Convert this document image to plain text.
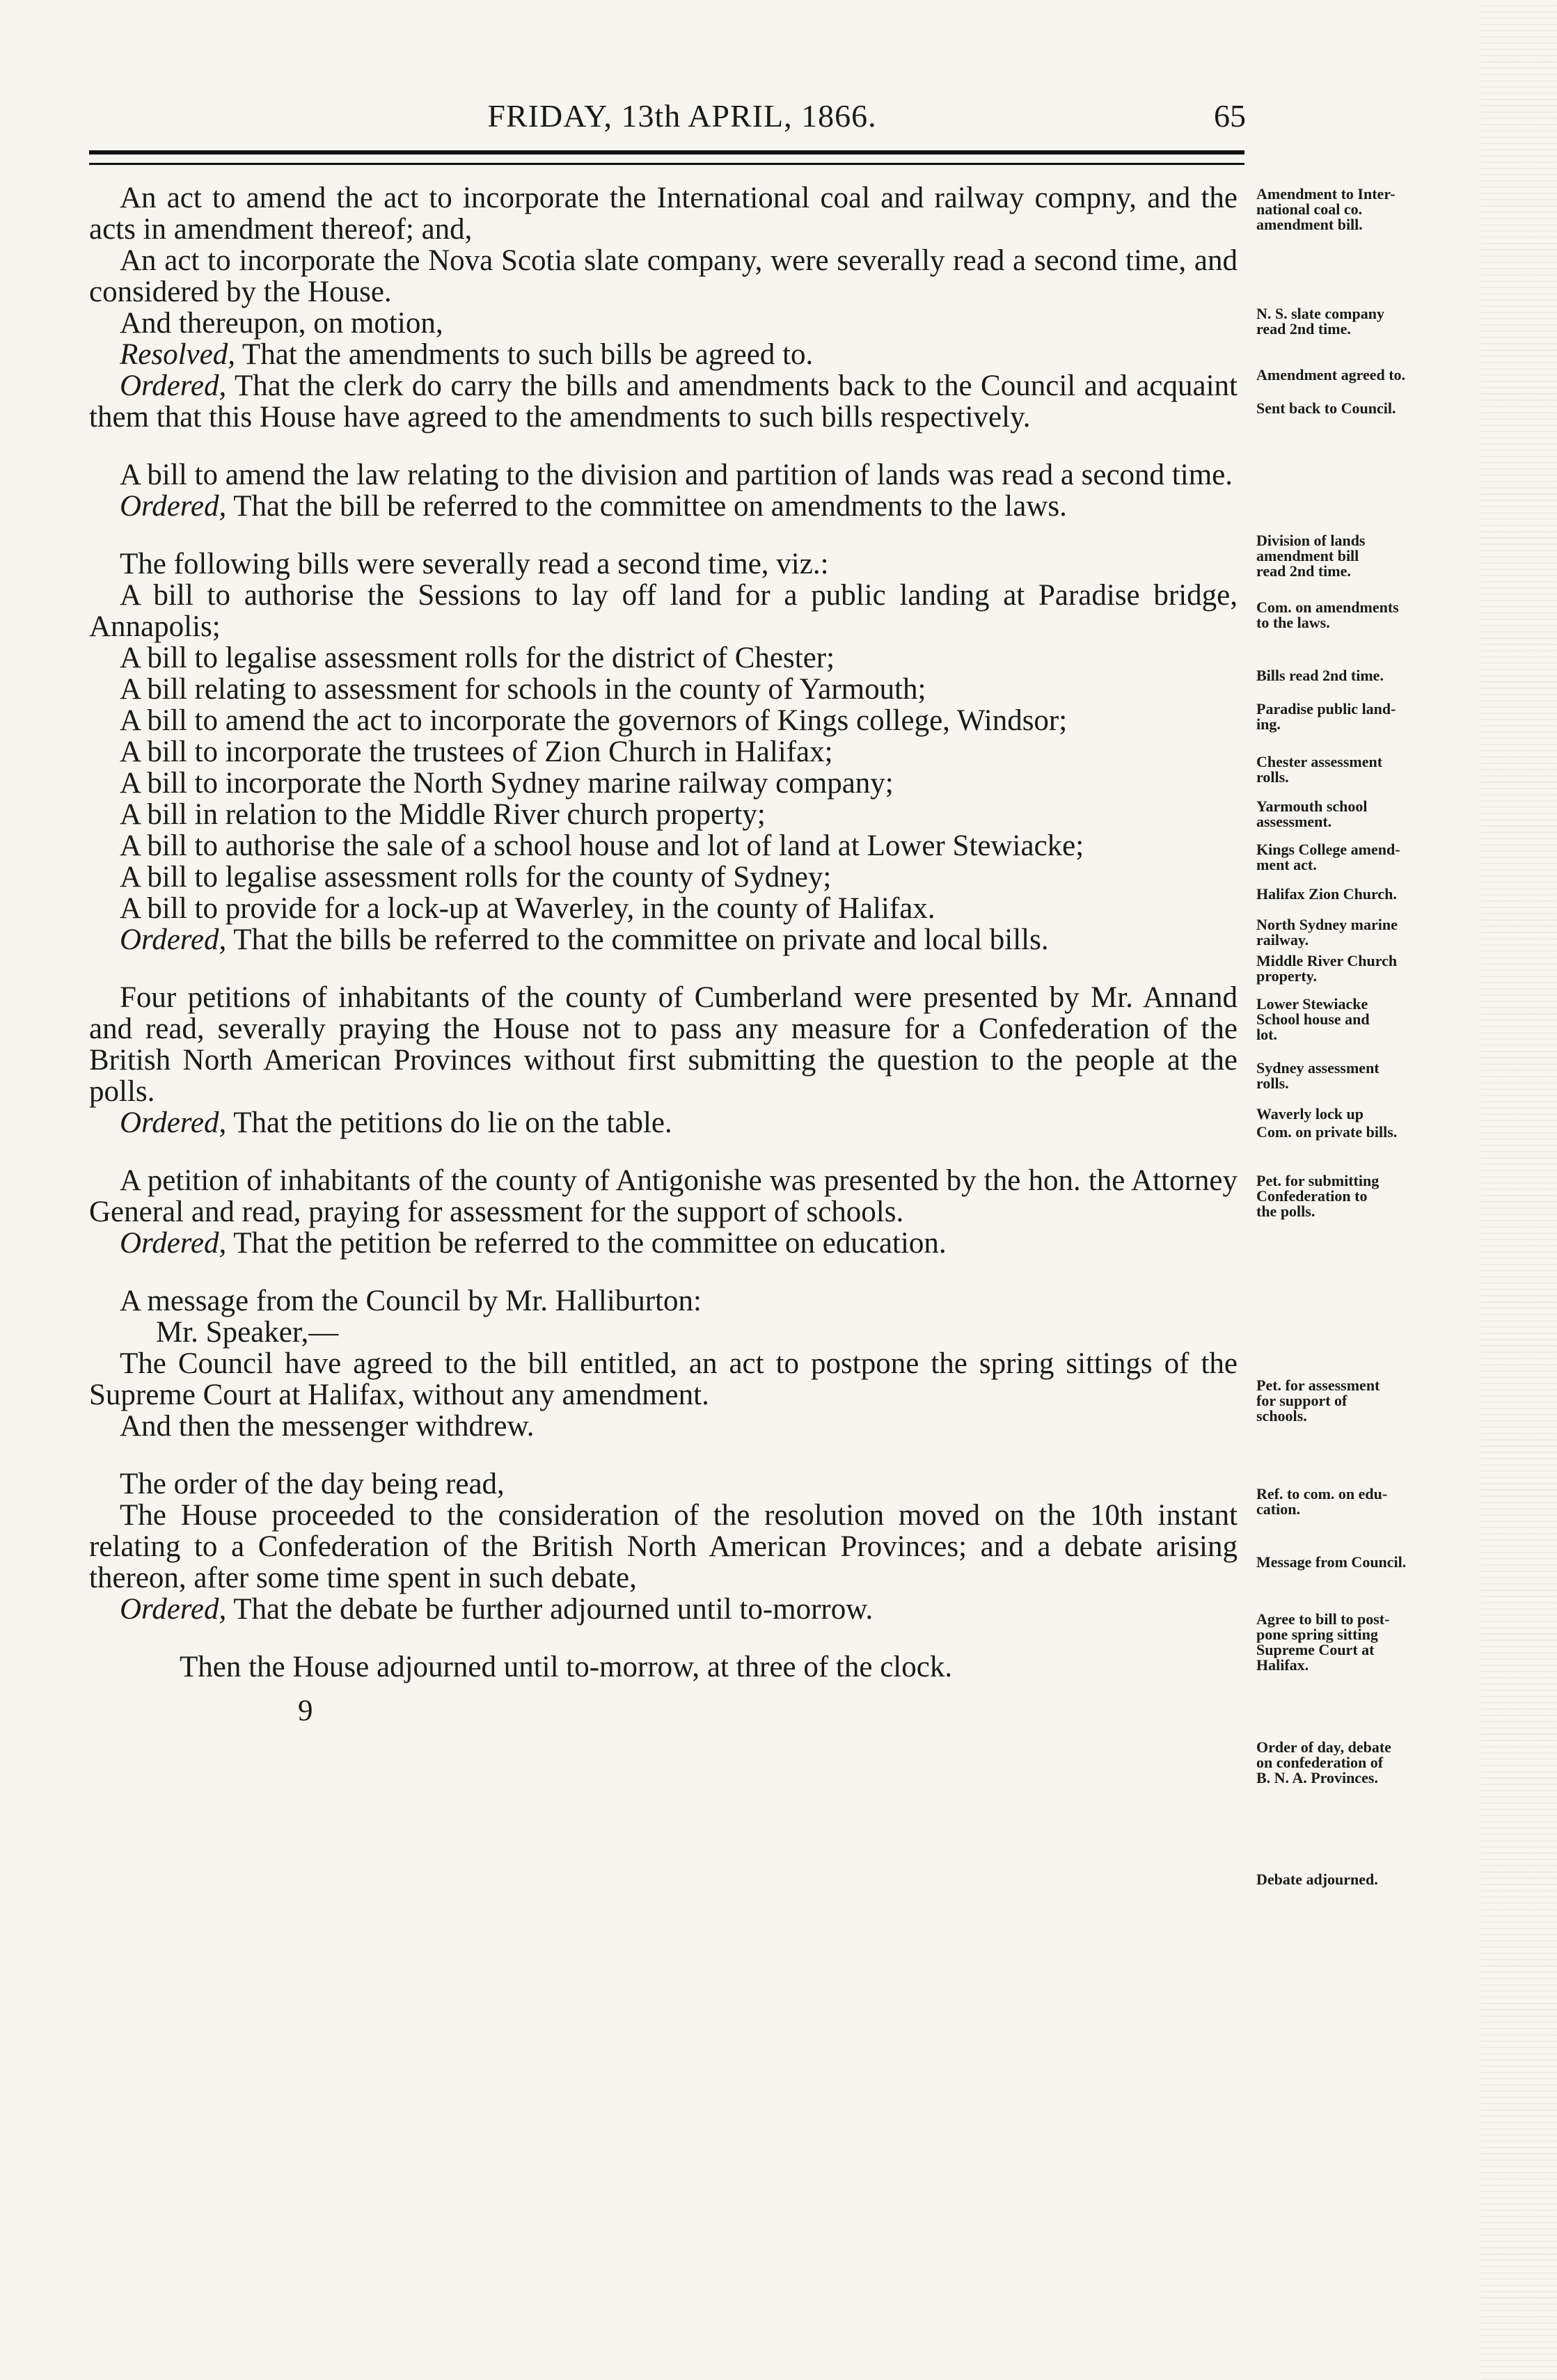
FRIDAY, 13th APRIL, 1866.	65

An act to amend the act to incorporate the International coal and railway compny, and the acts in amendment thereof; and,

An act to incorporate the Nova Scotia slate company, were severally read a second time, and considered by the House.

And thereupon, on motion,

Resolved, That the amendments to such bills be agreed to.

Ordered, That the clerk do carry the bills and amendments back to the Council and acquaint them that this House have agreed to the amendments to such bills respectively.

A bill to amend the law relating to the division and partition of lands was read a second time.

Ordered, That the bill be referred to the committee on amendments to the laws.

The following bills were severally read a second time, viz.:

A bill to authorise the Sessions to lay off land for a public landing at Paradise bridge, Annapolis;

A bill to legalise assessment rolls for the district of Chester;

A bill relating to assessment for schools in the county of Yarmouth;

A bill to amend the act to incorporate the governors of Kings college, Windsor;

A bill to incorporate the trustees of Zion Church in Halifax;

A bill to incorporate the North Sydney marine railway company;

A bill in relation to the Middle River church property;

A bill to authorise the sale of a school house and lot of land at Lower Stewiacke;

A bill to legalise assessment rolls for the county of Sydney;

A bill to provide for a lock-up at Waverley, in the county of Halifax.

Ordered, That the bills be referred to the committee on private and local bills.

Four petitions of inhabitants of the county of Cumberland were presented by Mr. Annand and read, severally praying the House not to pass any measure for a Confederation of the British North American Provinces without first submitting the question to the people at the polls.

Ordered, That the petitions do lie on the table.

A petition of inhabitants of the county of Antigonishe was presented by the hon. the Attorney General and read, praying for assessment for the support of schools.

Ordered, That the petition be referred to the committee on education.

A message from the Council by Mr. Halliburton:

Mr. Speaker,—

The Council have agreed to the bill entitled, an act to postpone the spring sittings of the Supreme Court at Halifax, without any amendment.

And then the messenger withdrew.

The order of the day being read,

The House proceeded to the consideration of the resolution moved on the 10th instant relating to a Confederation of the British North American Provinces; and a debate arising thereon, after some time spent in such debate,

Ordered, That the debate be further adjourned until to-morrow.

Then the House adjourned until to-morrow, at three of the clock.

9

Amendment to Inter-
national coal co.
amendment bill.
N. S. slate company
read 2nd time.
Amendment agreed to.
Sent back to Council.
Division of lands
amendment bill
read 2nd time.
Com. on amendments
to the laws.
Bills read 2nd time.
Paradise public land-
ing.
Chester assessment
rolls.
Yarmouth school
assessment.
Kings College amend-
ment act.
Halifax Zion Church.
North Sydney marine
railway.
Middle River Church
property.
Lower Stewiacke
School house and
lot.
Sydney assessment
rolls.
Waverly lock up
Com. on private bills.
Pet. for submitting
Confederation to
the polls.
Pet. for assessment
for support of
schools.
Ref. to com. on edu-
cation.
Message from Council.
Agree to bill to post-
pone spring sitting
Supreme Court at
Halifax.
Order of day, debate
on confederation of
B. N. A. Provinces.
Debate adjourned.
